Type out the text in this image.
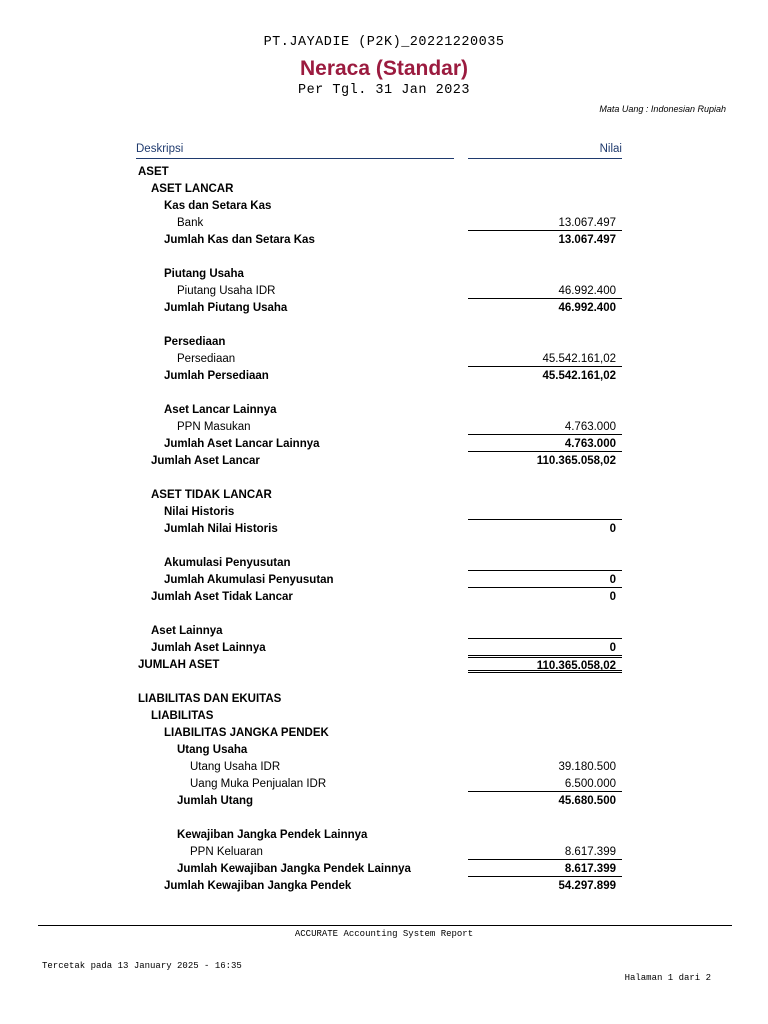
PT.JAYADIE (P2K)_20221220035
Neraca (Standar)
Per Tgl. 31 Jan 2023
Mata Uang : Indonesian Rupiah
Deskripsi	Nilai
ASET
ASET LANCAR
Kas dan Setara Kas
Bank	13.067.497
Jumlah Kas dan Setara Kas	13.067.497
Piutang Usaha
Piutang Usaha IDR	46.992.400
Jumlah Piutang Usaha	46.992.400
Persediaan
Persediaan	45.542.161,02
Jumlah Persediaan	45.542.161,02
Aset Lancar Lainnya
PPN Masukan	4.763.000
Jumlah Aset Lancar Lainnya	4.763.000
Jumlah Aset Lancar	110.365.058,02
ASET TIDAK LANCAR
Nilai Historis
Jumlah Nilai Historis	0
Akumulasi Penyusutan
Jumlah Akumulasi Penyusutan	0
Jumlah Aset Tidak Lancar	0
Aset Lainnya
Jumlah Aset Lainnya	0
JUMLAH ASET	110.365.058,02
LIABILITAS DAN EKUITAS
LIABILITAS
LIABILITAS JANGKA PENDEK
Utang Usaha
Utang Usaha IDR	39.180.500
Uang Muka Penjualan IDR	6.500.000
Jumlah Utang	45.680.500
Kewajiban Jangka Pendek Lainnya
PPN Keluaran	8.617.399
Jumlah Kewajiban Jangka Pendek Lainnya	8.617.399
Jumlah Kewajiban Jangka Pendek	54.297.899
ACCURATE Accounting System Report
Tercetak pada 13 January 2025 - 16:35
Halaman 1 dari 2
